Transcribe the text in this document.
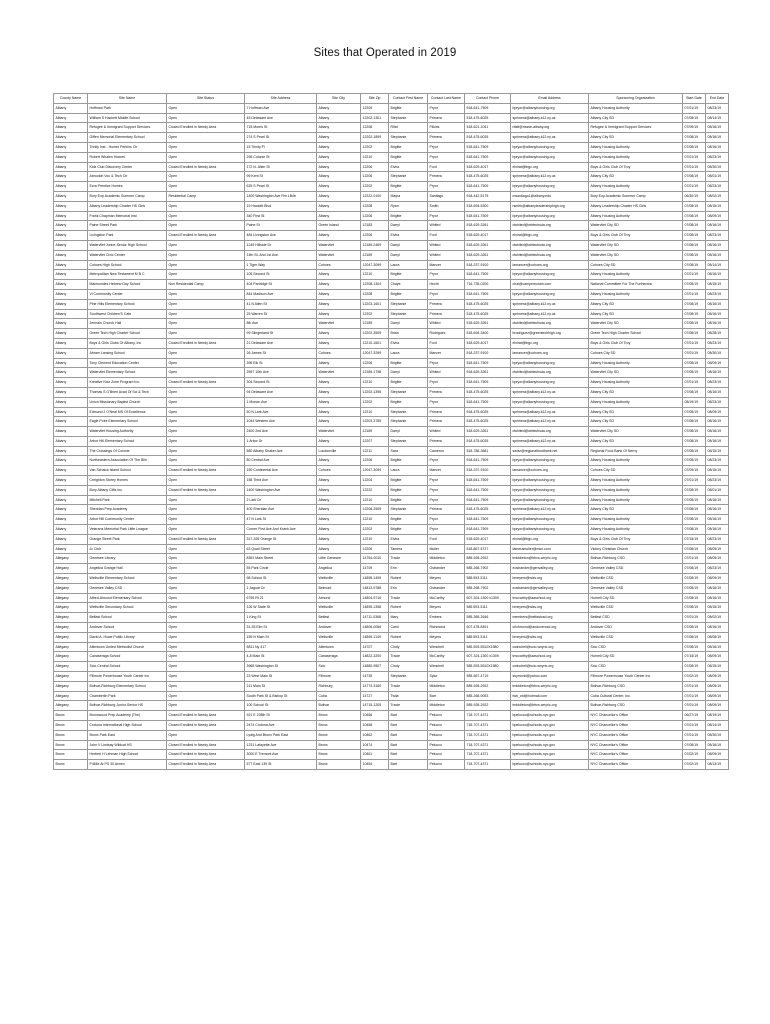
Sites that Operated in 2019
County Name	Site Name	Site Status	Site Address	Site City	Site Zip	Contact First Name	Contact Last Name	Contact Phone	Email Address	Sponsoring Organization	Start Date	End Date
Albany	Hoffman Park	Open	7 Hoffman Ave	Albany	12209	Brigitte	Pryor	518-641-7509	bpryor@albanyhousing.org	Albany Housing Authority	07/01/19	08/23/19
Albany	William S Hackett Middle School	Open	45 Delaware Ave	Albany	12202-1301	Stephanie	Primera	518-475-6025	sprimera@albany.k12.ny.us	Albany City SD	07/08/19	08/14/19
Albany	Refugee & Immigrant Support Services	Closed Enrolled in Needy Area	715 Morris St	Albany	12208	Rifat	Filkins	518-621-1041	rifatf@rissse-albany.org	Refugee & Immigrant Support Services	07/09/19	08/16/19
Albany	Giffen Memorial Elementary School	Open	274 S Pearl St	Albany	12202-1899	Stephanie	Primera	518-475-6025	sprimera@albany.k12.ny.us	Albany City SD	07/08/19	08/16/19
Albany	Trinity Inst - Homer Perkins Ctr	Open	15 Trinity Pl	Albany	12202	Brigitte	Pryor	518-641-7509	bpryor@albanyhousing.org	Albany Housing Authority	07/08/19	08/16/19
Albany	Robert Whalen Homes	Open	295 Colonie St	Albany	12210	Brigitte	Pryor	518-641-7509	bpryor@albanyhousing.org	Albany Housing Authority	07/01/19	08/23/19
Albany	Kidz Club Discovery Center	Closed Enrolled in Needy Area	172 N. Allen St	Albany	12206	Elvira	Ford	518-629-4017	elvirat@tbgc.org	Boys & Girls Club Of Troy	07/01/19	08/30/19
Albany	Abrookin Voc & Tech Ctr	Open	99 Kent St	Albany	12206	Stephanie	Primera	518-475-6025	sprimera@albany.k12.ny.us	Albany City SD	07/08/19	08/01/19
Albany	Ezra Prentice Homes	Open	625 S Pearl St	Albany	12202	Brigitte	Pryor	518-641-7509	bpryor@albanyhousing.org	Albany Housing Authority	07/01/19	08/23/19
Albany	Bury Eop Academic Summer Camp	Residential Camp	1400 Washington Ave Rm LB4b	Albany	12222-0100	Mayra	Santiago	518-442-5175	msantiago1@albany.edu	Bury Eop Academic Summer Camp	06/30/19	08/02/19
Albany	Albany Leadership Charter HS Girls	Open	19 Hackett Blvd	Albany	12208	Ryan	Smith	518-694-5300	rsmith@albanyleadershiphigh.org	Albany Leadership Charter HS Girls	07/08/19	08/15/19
Albany	Frank Chapman Memorial Inst	Open	340 First St	Albany	12206	Brigitte	Pryor	518-641-7509	bpryor@albanyhousing.org	Albany Housing Authority	07/08/19	08/09/19
Albany	Paine Street Park	Open	Paine St	Green Island	12183	Darryl	Whited	518-629-3261	dwhited@wbtechsda.org	Watervliet City SD	07/08/19	08/16/19
Albany	Livingston Park	Closed Enrolled in Needy Area	484 Livingston Ave	Albany	12206	Elvira	Ford	518-629-4017	elvirat@tbgc.org	Boys & Girls Club Of Troy	07/08/19	08/23/19
Albany	Watervliet Junior-Senior High School	Open	1245 Hillside Dr	Watervliet	12189-2469	Darryl	Whited	518-629-3261	dwhited@wbtechsda.org	Watervliet City SD	07/08/19	08/16/19
Albany	Watervliet Civic Center	Open	14th St. And 1st Ave.	Watervliet	12189	Darryl	Whited	518-629-3261	dwhited@wbtechsda.org	Watervliet City SD	07/08/19	08/16/19
Albany	Cohoes High School	Open	1 Tiger Way	Cohoes	12047-3099	Laura	Mancer	518-237-9100	lamancer@cohoes.org	Cohoes City SD	07/08/19	08/14/19
Albany	Metropolitan New Testament M B C	Open	105 Second St	Albany	12210	Brigitte	Pryor	518-641-7509	bpryor@albanyhousing.org	Albany Housing Authority	07/01/19	08/16/19
Albany	Maimonides Hebrew Day School	Non Residential Camp	404 Partridge St	Albany	12208-1304	Chaye	Hecht	716-735-0200	chai@campemunah.com	National Committee For The Furtheranc	07/08/19	08/15/19
Albany	Vi Community Center	Open	844 Madison Ave	Albany	12208	Brigitte	Pryor	518-641-7509	bpryor@albanyhousing.org	Albany Housing Authority	07/01/19	08/23/19
Albany	Pine Hills Elementary School	Open	41 N Allen St	Albany	12203-1601	Stephanie	Primera	518-475-6025	sprimera@albany.k12.ny.us	Albany City SD	07/08/19	08/16/19
Albany	Southwest Children'S Cafe	Open	25 Warren St	Albany	12202	Stephanie	Primera	518-475-6025	sprimera@albany.k12.ny.us	Albany City SD	07/08/19	08/16/19
Albany	Jermain Church Hall	Open	8th Ave	Watervliet	12189	Darryl	Whited	518-629-3261	dwhited@wbtechsda.org	Watervliet City SD	07/08/19	08/16/19
Albany	Green Tech High Charter School	Open	99 Slingerland St	Albany	12202-3505	Brian	Rodriguez	518-694-3400	brodriguez@greentechhigh.org	Green Tech High Charter School	07/08/19	08/28/19
Albany	Boys & Girls Clubs Of Albany, Inc	Closed Enrolled in Needy Area	21 Delaware Ave	Albany	12210-1601	Elvira	Ford	518-629-4017	elvirat@tbgc.org	Boys & Girls Club Of Troy	07/01/19	08/23/19
Albany	Abram Lansing School	Open	26 James St	Cohoes	12047-3299	Laura	Mancer	518-237-9100	lamancer@cohoes.org	Cohoes City SD	07/01/19	08/30/19
Albany	Tony Clement Education Center	Open	395 Elk St	Albany	12206	Brigitte	Pryor	518-641-7509	bpryor@albanyhousing.org	Albany Housing Authority	07/08/19	08/09/19
Albany	Watervliet Elementary School	Open	2557 10th Ave	Watervliet	12189-1798	Darryl	Whited	518-629-3261	dwhited@wbtechsda.org	Watervliet City SD	07/08/19	08/16/19
Albany	Kreative Kidz Zone Program Inc.	Closed Enrolled in Needy Area	304 Second St	Albany	12210	Brigitte	Pryor	518-641-7509	bpryor@albanyhousing.org	Albany Housing Authority	07/01/19	08/23/19
Albany	Thomas S O'Brien Acad Of Sci & Tech	Open	94 Delaware Ave	Albany	12202-1398	Stephanie	Primera	518-475-6025	sprimera@albany.k12.ny.us	Albany City SD	07/08/19	08/16/19
Albany	Union Missionary Baptist Church	Open	1 Morton Ave	Albany	12202	Brigitte	Pryor	518-641-7509	bpryor@albanyhousing.org	Albany Housing Authority	08/19/19	08/23/19
Albany	Edmund J O'Neal MS Of Excellence	Open	50 N Lark Ave	Albany	12210	Stephanie	Primera	518-475-6025	sprimera@albany.k12.ny.us	Albany City SD	07/08/19	08/09/19
Albany	Eagle Point Elementary School	Open	1044 Western Ave	Albany	12203-3785	Stephanie	Primera	518-475-6025	sprimera@albany.k12.ny.us	Albany City SD	07/08/19	08/16/19
Albany	Watervliet Housing Authority	Open	2400 2nd Ave	Watervliet	12189	Darryl	Whited	518-629-3261	dwhited@wbtechsda.org	Watervliet City SD	07/08/19	08/16/19
Albany	Arbor Hill Elementary School	Open	1 Arbor Dr	Albany	12207	Stephanie	Primera	518-475-6025	sprimera@albany.k12.ny.us	Albany City SD	07/08/19	08/16/19
Albany	The Crossings Of Colonie	Open	580 Albany Shaker Ave	Loudonville	12211	Sara	Cameron	518-786-3681	saraz@regionalfoodbank.net	Regional Food Bank Of Nerny	07/08/19	08/15/19
Albany	Northeastern Association Of The Blin	Open	80 Central Ave	Albany	12206	Brigitte	Pryor	518-641-7509	bpryor@albanyhousing.org	Albany Housing Authority	07/08/19	08/23/19
Albany	Van Schaick Island School	Closed Enrolled in Needy Area	150 Continental Ave	Cohoes	12047-3099	Laura	Mancer	518-237-9100	lamancer@cohoes.org	Cohoes City SD	07/09/19	08/15/19
Albany	Creighton Storey Homes	Open	158 Third Ave	Albany	12204	Brigitte	Pryor	518-641-7509	bpryor@albanyhousing.org	Albany Housing Authority	07/01/19	08/23/19
Albany	Bury Albany Gifts Inc.	Closed Enrolled in Needy Area	1400 Washington Ave	Albany	12222	Brigitte	Pryor	518-641-7509	bpryor@albanyhousing.org	Albany Housing Authority	07/08/19	08/01/19
Albany	Mitchell Park	Open	2 Lark Dr	Albany	12210	Brigitte	Pryor	518-641-7509	bpryor@albanyhousing.org	Albany Housing Authority	07/08/19	08/16/19
Albany	Sheridan Prep Academy	Open	400 Sheridan Ave	Albany	12206-2505	Stephanie	Primera	518-475-6025	sprimera@albany.k12.ny.us	Albany City SD	07/08/19	08/16/19
Albany	Arbor Hill Community Center	Open	47 N Lark St	Albany	12210	Brigitte	Pryor	518-641-7509	bpryor@albanyhousing.org	Albany Housing Authority	07/08/19	08/16/19
Albany	Veterans Memorial Park Little League	Open	Corner First Ave And Krank Ave	Albany	12202	Brigitte	Pryor	518-641-7509	bpryor@albanyhousing.org	Albany Housing Authority	07/08/19	08/16/19
Albany	Orange Street Park	Closed Enrolled in Needy Area	317-325 Orange St	Albany	12210	Elvira	Ford	518-629-4017	elvirat@tbgc.org	Boys & Girls Club Of Troy	07/15/19	08/23/19
Albany	Jc Club	Open	63 Quail Street	Albany	12206	Tamera	Muller	518-867-5727	tameramuller@msn.com	Victory Christian Church	07/08/19	08/09/19
Allegany	Genesee Library	Open	8351 Main Street	Little Genesee	14754-0010	Tracie	Middleton	585-928-2922	tmiddleton@bfrcs.wnyric.org	Bolivar-Richburg CSD	07/01/19	08/09/19
Allegany	Angelica Grange Hall	Open	55 Park Circle	Angelica	14709	Erin	Ostrander	585-268-7902	eostrander@genvalley.org	Genesee Valley CSD	07/08/19	08/23/19
Allegany	Wellsville Elementary School	Open	98 School St	Wellsville	14895-1499	Robert	Meyers	585.593.3111	bmeyers@wlsv.org	Wellsville CSD	07/08/19	08/09/19
Allegany	Genesee Valley CSD	Open	1 Jaguar Dr	Belmont	14813-9788	Erin	Ostrander	585-268-7902	eostrander@genvalley.org	Genesee Valley CSD	07/08/19	08/16/19
Allegany	Alfred-Almond Elementary School	Open	6795 Rt 21	Almond	14804-9716	Tracie	McCarthy	607-324-1300 x1309	tmccarthy@aaschool.org	Hornell City SD	07/08/19	08/16/19
Allegany	Wellsville Secondary School	Open	126 W State St	Wellsville	14895-1398	Robert	Meyers	585.593.3111	bmeyers@wlsv.org	Wellsville CSD	07/08/19	08/15/19
Allegany	Belfast School	Open	1 King St	Belfast	14711-0368	Mary	Embers	585-365-2646	members@belfastcsd.org	Belfast CSD	07/01/19	08/02/19
Allegany	Andover School	Open	31-35 Elm St	Andover	14806-0056	Carol	Richmond	607-478-8491	crichmond@andovercsd.org	Andover CSD	07/08/19	08/16/19
Allegany	David A. Howe Public Library	Open	155 N Main St	Wellsville	14895-1149	Robert	Meyers	585.593.3111	bmeyers@wlsv.org	Wellsville CSD	07/08/19	08/08/19
Allegany	Allentown United Methodist Church	Open	5811 Ny 417	Allentown	14707	Cindy	Wimchell	585-593-5510X1580	cwinchell@scio.wnyric.org	Scio CSD	07/08/19	08/16/19
Allegany	Canaseraga School	Open	4-8 Main St	Canaseraga	14822-3200	Tracie	McCarthy	607-324-1300 x1309	tmccarthy@aaschool.org	Hornell City SD	07/15/19	08/09/19
Allegany	Scio Central School	Open	3968 Washington St	Scio	14880-9507	Cindy	Wimchell	585-593-5510X1580	cwinchell@scio.wnyric.org	Scio CSD	07/08/19	08/15/19
Allegany	Fillmore Powerhouse Youth Center Inc	Open	23 West Main St	Fillmore	14735	Stephanie	Sylor	585-567-4719	ssymond@yahoo.com	Fillmore Powerhouse Youth Center Inc	07/02/19	08/09/19
Allegany	Bolivar-Richburg Elementary School	Open	211 Main St	Richburg	14774-3160	Tracie	Middleton	585-928-2922	tmiddleton@bfrcs.wnyric.org	Bolivar-Richburg CSD	07/01/19	08/09/19
Allegany	Chamberlin Park	Open	South Park St & Bishop St	Cuba	14727	Twila	Barr	585-268-9053	twb_cfd@hotmail.com	Cuba Cultural Center, Inc.	07/01/19	08/09/19
Allegany	Bolivar-Richburg Junior-Senior HS	Open	100 School St	Bolivar	14715-1205	Tracie	Middleton	585-928-2922	tmiddleton@bfrcs.wnyric.org	Bolivar-Richburg CSD	07/01/19	08/09/19
Bronx	Bronxwood Prep Academy (The)	Closed Enrolled in Needy Area	921 E 228th St	Bronx	10466	Bart	Pelucco	718-707-4371	bpelucco@schools.nyc.gov	NYC Chancellor's Office	06/27/19	08/19/19
Bronx	Crotona International High School	Closed Enrolled in Needy Area	2474 Crotona Ave	Bronx	10458	Bart	Pelucco	718-707-4371	bpelucco@schools.nyc.gov	NYC Chancellor's Office	07/01/19	08/14/19
Bronx	Bronx Park East	Open	Lydig And Bronx Park East	Bronx	10462	Bart	Pelucco	718-707-4371	bpelucco@schools.nyc.gov	NYC Chancellor's Office	07/01/19	08/30/19
Bronx	John V Lindsay Wildcat HS	Closed Enrolled in Needy Area	1231 Lafayette Ave	Bronx	10474	Bart	Pelucco	718-707-4371	bpelucco@schools.nyc.gov	NYC Chancellor's Office	07/08/19	08/16/19
Bronx	Herbert H Lehman High School	Closed Enrolled in Needy Area	3000 E Tremont Ave	Bronx	10461	Bart	Pelucco	718-707-4371	bpelucco@schools.nyc.gov	NYC Chancellor's Office	07/02/19	08/09/19
Bronx	P466x At PS 30 Annex	Closed Enrolled in Needy Area	577 East 139 St	Bronx	10454	Bart	Pelucco	718-707-4371	bpelucco@schools.nyc.gov	NYC Chancellor's Office	07/02/19	08/13/19
